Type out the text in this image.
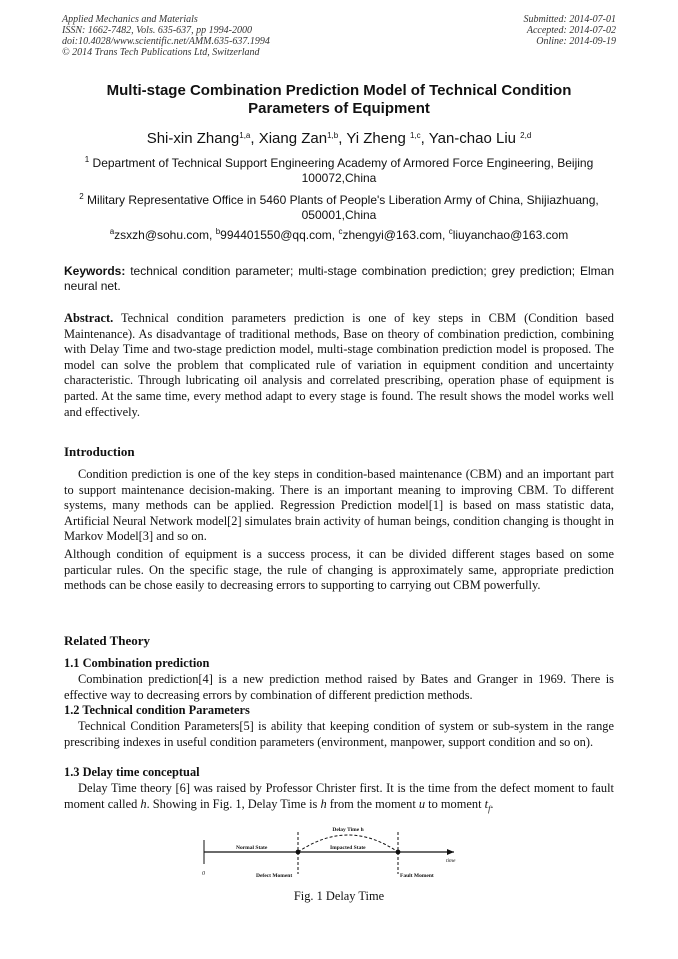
Applied Mechanics and Materials
ISSN: 1662-7482, Vols. 635-637, pp 1994-2000
doi:10.4028/www.scientific.net/AMM.635-637.1994
© 2014 Trans Tech Publications Ltd, Switzerland
Submitted: 2014-07-01
Accepted: 2014-07-02
Online: 2014-09-19
Multi-stage Combination Prediction Model of Technical Condition
Parameters of Equipment
Shi-xin Zhang$^{1,a}$, Xiang Zan$^{1,b}$, Yi Zheng $^{1,c}$, Yan-chao Liu $^{2,d}$
$^1$ Department of Technical Support Engineering Academy of Armored Force Engineering, Beijing 100072,China
$^2$ Military Representative Office in 5460 Plants of People's Liberation Army of China, Shijiazhuang, 050001,China
$^a$zsxzh@sohu.com, $^b$994401550@qq.com, $^c$zhengyi@163.com, $^c$liuyanchao@163.com
Keywords: technical condition parameter; multi-stage combination prediction; grey prediction; Elman neural net.
Abstract. Technical condition parameters prediction is one of key steps in CBM (Condition based Maintenance). As disadvantage of traditional methods, Base on theory of combination prediction, combining with Delay Time and two-stage prediction model, multi-stage combination prediction model is proposed. The model can solve the problem that complicated rule of variation in equipment condition and uncertainty characteristic. Through lubricating oil analysis and correlated prescribing, operation phase of equipment is parted. At the same time, every method adapt to every stage is found. The result shows the model works well and effectively.
Introduction
Condition prediction is one of the key steps in condition-based maintenance (CBM) and an important part to support maintenance decision-making. There is an important meaning to improving CBM. To different systems, many methods can be applied. Regression Prediction model[1] is based on mass statistic data, Artificial Neural Network model[2] simulates brain activity of human beings, condition changing is thought in Markov Model[3] and so on.
Although condition of equipment is a success process, it can be divided different stages based on some particular rules. On the specific stage, the rule of changing is approximately same, appropriate prediction methods can be chose easily to decreasing errors to supporting to carrying out CBM powerfully.
Related Theory
1.1 Combination prediction
Combination prediction[4] is a new prediction method raised by Bates and Granger in 1969. There is effective way to decreasing errors by combination of different prediction methods.
1.2 Technical condition Parameters
Technical Condition Parameters[5] is ability that keeping condition of system or sub-system in the range prescribing indexes in useful condition parameters (environment, manpower, support condition and so on).
1.3 Delay time conceptual
Delay Time theory [6] was raised by Professor Christer first. It is the time from the defect moment to fault moment called h. Showing in Fig. 1, Delay Time is h from the moment u to moment $t_f$.
Delay Time h
Normal State	Impacted State
time
0	Defect Moment	Fault Moment
Fig. 1 Delay Time
